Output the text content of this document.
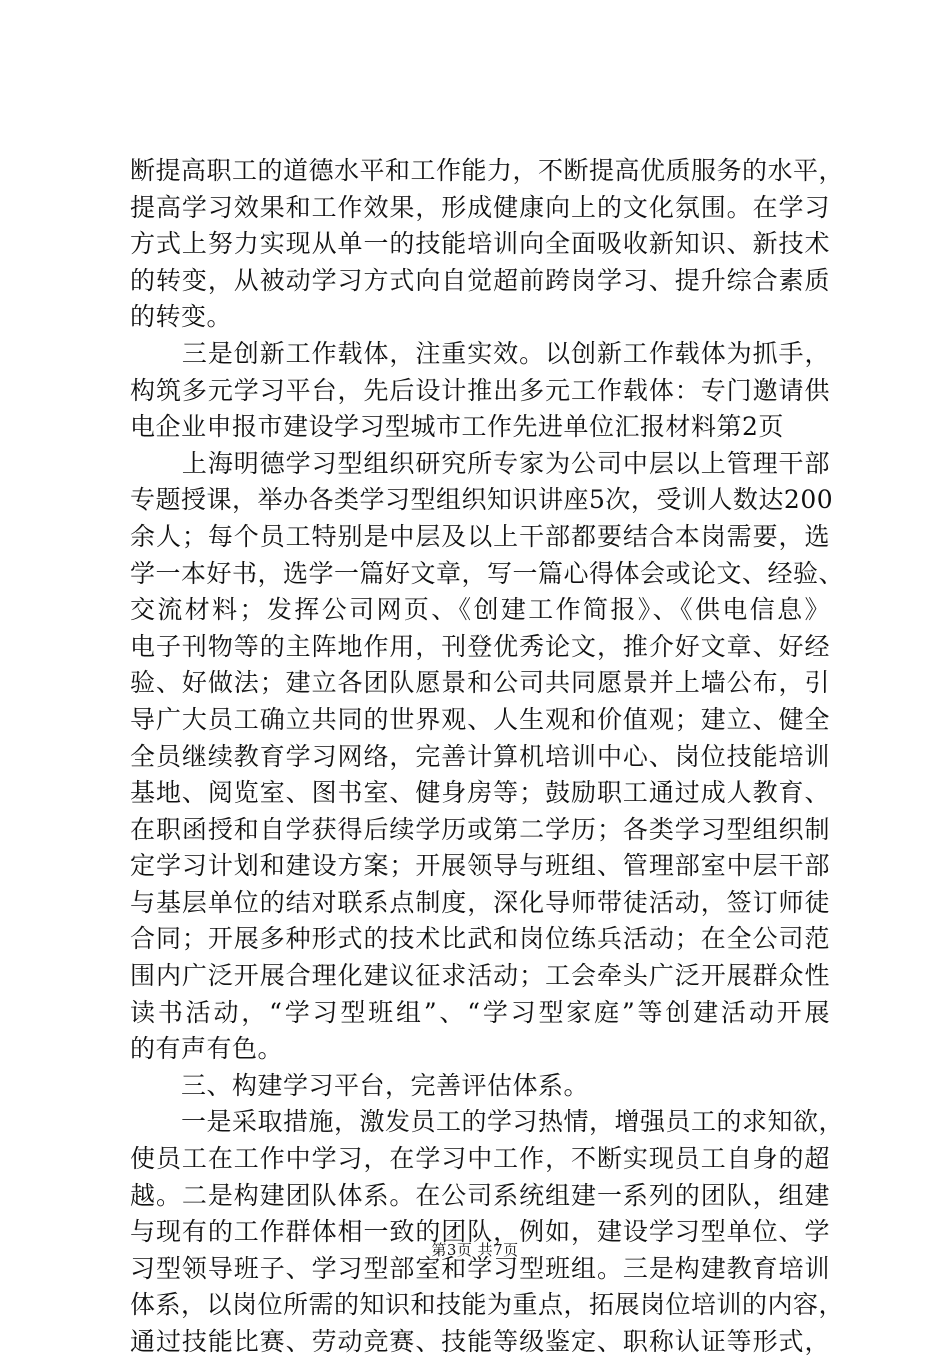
断提高职工的道德水平和工作能力，不断提高优质服务的水平，
提高学习效果和工作效果，形成健康向上的文化氛围。在学习
方式上努力实现从单一的技能培训向全面吸收新知识、新技术
的转变，从被动学习方式向自觉超前跨岗学习、提升综合素质
的转变。
　　三是创新工作载体，注重实效。以创新工作载体为抓手，
构筑多元学习平台，先后设计推出多元工作载体：专门邀请供
电企业申报市建设学习型城市工作先进单位汇报材料第2页
　　上海明德学习型组织研究所专家为公司中层以上管理干部
专题授课，举办各类学习型组织知识讲座5次，受训人数达200
余人；每个员工特别是中层及以上干部都要结合本岗需要，选
学一本好书，选学一篇好文章，写一篇心得体会或论文、经验、
交流材料；发挥公司网页、《创建工作简报》、《供电信息》
电子刊物等的主阵地作用，刊登优秀论文，推介好文章、好经
验、好做法；建立各团队愿景和公司共同愿景并上墙公布，引
导广大员工确立共同的世界观、人生观和价值观；建立、健全
全员继续教育学习网络，完善计算机培训中心、岗位技能培训
基地、阅览室、图书室、健身房等；鼓励职工通过成人教育、
在职函授和自学获得后续学历或第二学历；各类学习型组织制
定学习计划和建设方案；开展领导与班组、管理部室中层干部
与基层单位的结对联系点制度，深化导师带徒活动，签订师徒
合同；开展多种形式的技术比武和岗位练兵活动；在全公司范
围内广泛开展合理化建议征求活动；工会牵头广泛开展群众性
读书活动，“学习型班组”、“学习型家庭”等创建活动开展
的有声有色。
　　三、构建学习平台，完善评估体系。
　　一是采取措施，激发员工的学习热情，增强员工的求知欲，
使员工在工作中学习，在学习中工作，不断实现员工自身的超
越。二是构建团队体系。在公司系统组建一系列的团队，组建
与现有的工作群体相一致的团队，例如，建设学习型单位、学
习型领导班子、学习型部室和学习型班组。三是构建教育培训
体系，以岗位所需的知识和技能为重点，拓展岗位培训的内容，
通过技能比赛、劳动竞赛、技能等级鉴定、职称认证等形式，
第3页 共7页
